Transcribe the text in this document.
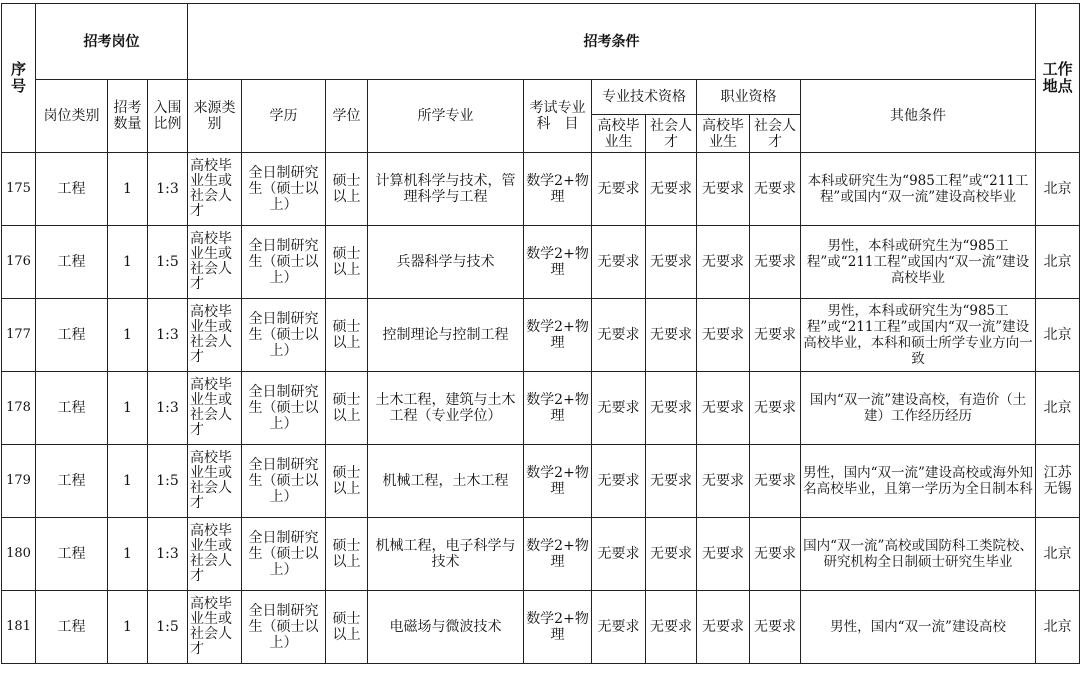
序号	招考岗位			招考条件										工作地点
	岗位类别	招考数量	入围比例	来源类别	学历	学位	所学专业	考试专业科　目	专业技术资格		职业资格		其他条件	
									高校毕业生	社会人才	高校毕业生	社会人才		
175	工程	1	1:3	高校毕业生或社会人才	全日制研究生（硕士以上）	硕士以上	计算机科学与技术，管理科学与工程	数学2+物理	无要求	无要求	无要求	无要求	本科或研究生为“985工程”或“211工程”或国内“双一流”建设高校毕业	北京
176	工程	1	1:5	高校毕业生或社会人才	全日制研究生（硕士以上）	硕士以上	兵器科学与技术	数学2+物理	无要求	无要求	无要求	无要求	男性，本科或研究生为“985工程”或“211工程”或国内“双一流”建设高校毕业	北京
177	工程	1	1:3	高校毕业生或社会人才	全日制研究生（硕士以上）	硕士以上	控制理论与控制工程	数学2+物理	无要求	无要求	无要求	无要求	男性，本科或研究生为“985工程”或“211工程”或国内“双一流”建设高校毕业，本科和硕士所学专业方向一致	北京
178	工程	1	1:3	高校毕业生或社会人才	全日制研究生（硕士以上）	硕士以上	土木工程，建筑与土木工程（专业学位）	数学2+物理	无要求	无要求	无要求	无要求	国内“双一流”建设高校，有造价（土建）工作经历经历	北京
179	工程	1	1:5	高校毕业生或社会人才	全日制研究生（硕士以上）	硕士以上	机械工程，土木工程	数学2+物理	无要求	无要求	无要求	无要求	男性，国内“双一流”建设高校或海外知名高校毕业，且第一学历为全日制本科	江苏无锡
180	工程	1	1:3	高校毕业生或社会人才	全日制研究生（硕士以上）	硕士以上	机械工程，电子科学与技术	数学2+物理	无要求	无要求	无要求	无要求	国内“双一流”高校或国防科工类院校、研究机构全日制硕士研究生毕业	北京
181	工程	1	1:5	高校毕业生或社会人才	全日制研究生（硕士以上）	硕士以上	电磁场与微波技术	数学2+物理	无要求	无要求	无要求	无要求	男性，国内“双一流”建设高校	北京
